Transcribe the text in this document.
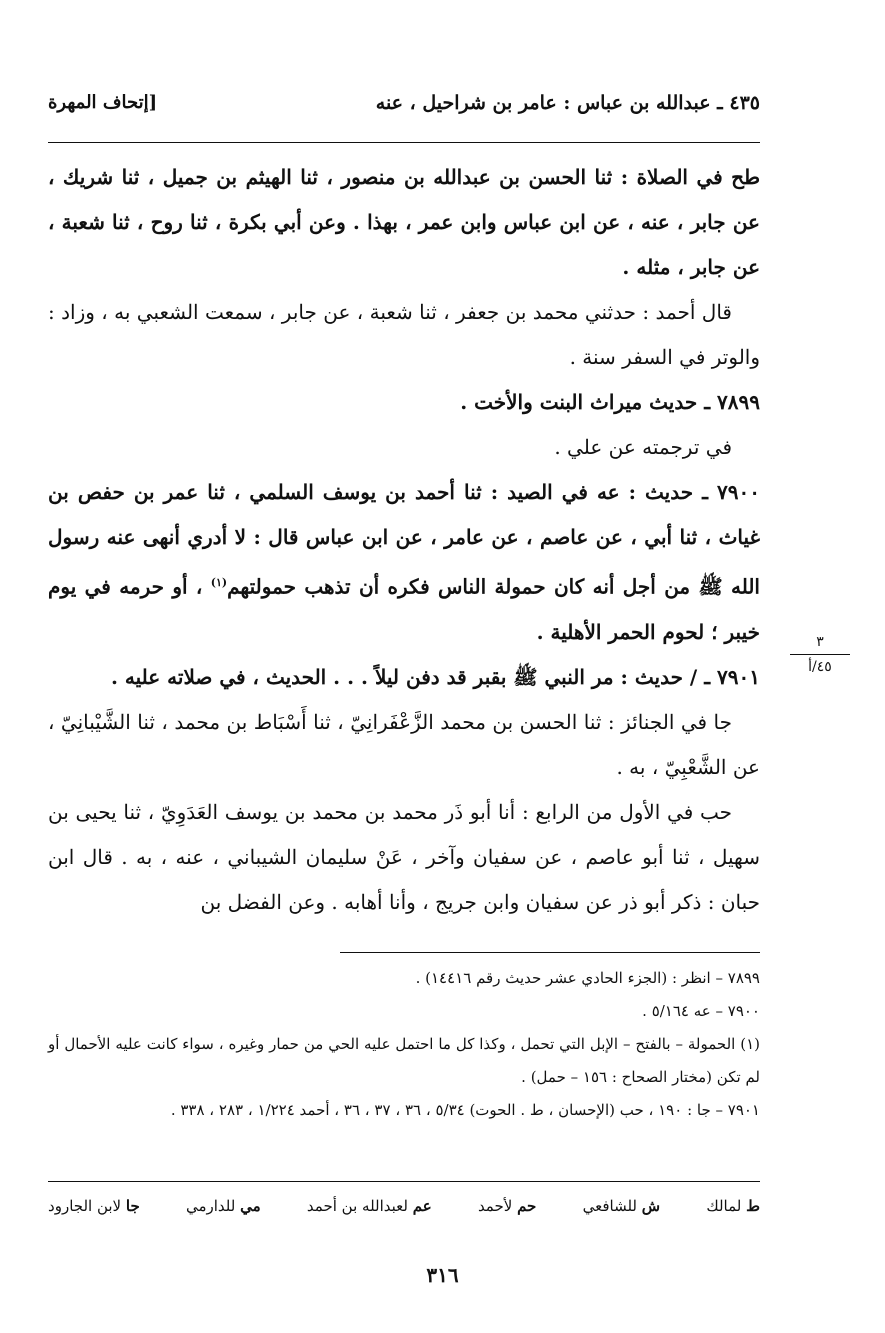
٤٣٥ ـ عبدالله بن عباس : عامر بن شراحيل ، عنه
[إتحاف المهرة

طح في الصلاة : ثنا الحسن بن عبدالله بن منصور ، ثنا الهيثم بن جميل ، ثنا شريك ، عن جابر ، عنه ، عن ابن عباس وابن عمر ، بهذا . وعن أبي بكرة ، ثنا روح ، ثنا شعبة ، عن جابر ، مثله .

قال أحمد : حدثني محمد بن جعفر ، ثنا شعبة ، عن جابر ، سمعت الشعبي به ، وزاد : والوتر في السفر سنة .

٧٨٩٩ ـ حديث ميراث البنت والأخت .

في ترجمته عن علي .

٧٩٠٠ ـ حديث : عه في الصيد : ثنا أحمد بن يوسف السلمي ، ثنا عمر بن حفص بن غياث ، ثنا أبي ، عن عاصم ، عن عامر ، عن ابن عباس قال : لا أدري أنهى عنه رسول الله ﷺ من أجل أنه كان حمولة الناس فكره أن تذهب حمولتهم$^{(١)}$ ، أو حرمه في يوم خيبر ؛ لحوم الحمر الأهلية .

٧٩٠١ ـ / حديث : مر النبي ﷺ بقبر قد دفن ليلاً . . . الحديث ، في صلاته عليه .

جا في الجنائز : ثنا الحسن بن محمد الزَّعْفَرانِيّ ، ثنا أَسْبَاط بن محمد ، ثنا الشَّيْبانِيّ ، عن الشَّعْبِيّ ، به .

حب في الأول من الرابع : أنا أبو ذَر محمد بن محمد بن يوسف العَدَوِيّ ، ثنا يحيى بن سهيل ، ثنا أبو عاصم ، عن سفيان وآخر ، عَنْ سليمان الشيباني ، عنه ، به . قال ابن حبان : ذكر أبو ذر عن سفيان وابن جريج ، وأنا أهابه . وعن الفضل بن

٣
٤٥/أ

٧٨٩٩ – انظر : (الجزء الحادي عشر حديث رقم ١٤٤١٦) .

٧٩٠٠ – عه ٥/١٦٤ .

(١) الحمولة – بالفتح – الإبل التي تحمل ، وكذا كل ما احتمل عليه الحي من حمار وغيره ، سواء كانت عليه الأحمال أو لم تكن (مختار الصحاح : ١٥٦ – حمل) .

٧٩٠١ – جا : ١٩٠ ، حب (الإحسان ، ط . الحوت) ٥/٣٤ ، ٣٦ ، ٣٧ ، ٣٦ ، أحمد ١/٢٢٤ ، ٢٨٣ ، ٣٣٨ .

ط لمالك
ش للشافعي
حم لأحمد
عم لعبدالله بن أحمد
مي للدارمي
جا لابن الجارود
٣١٦
